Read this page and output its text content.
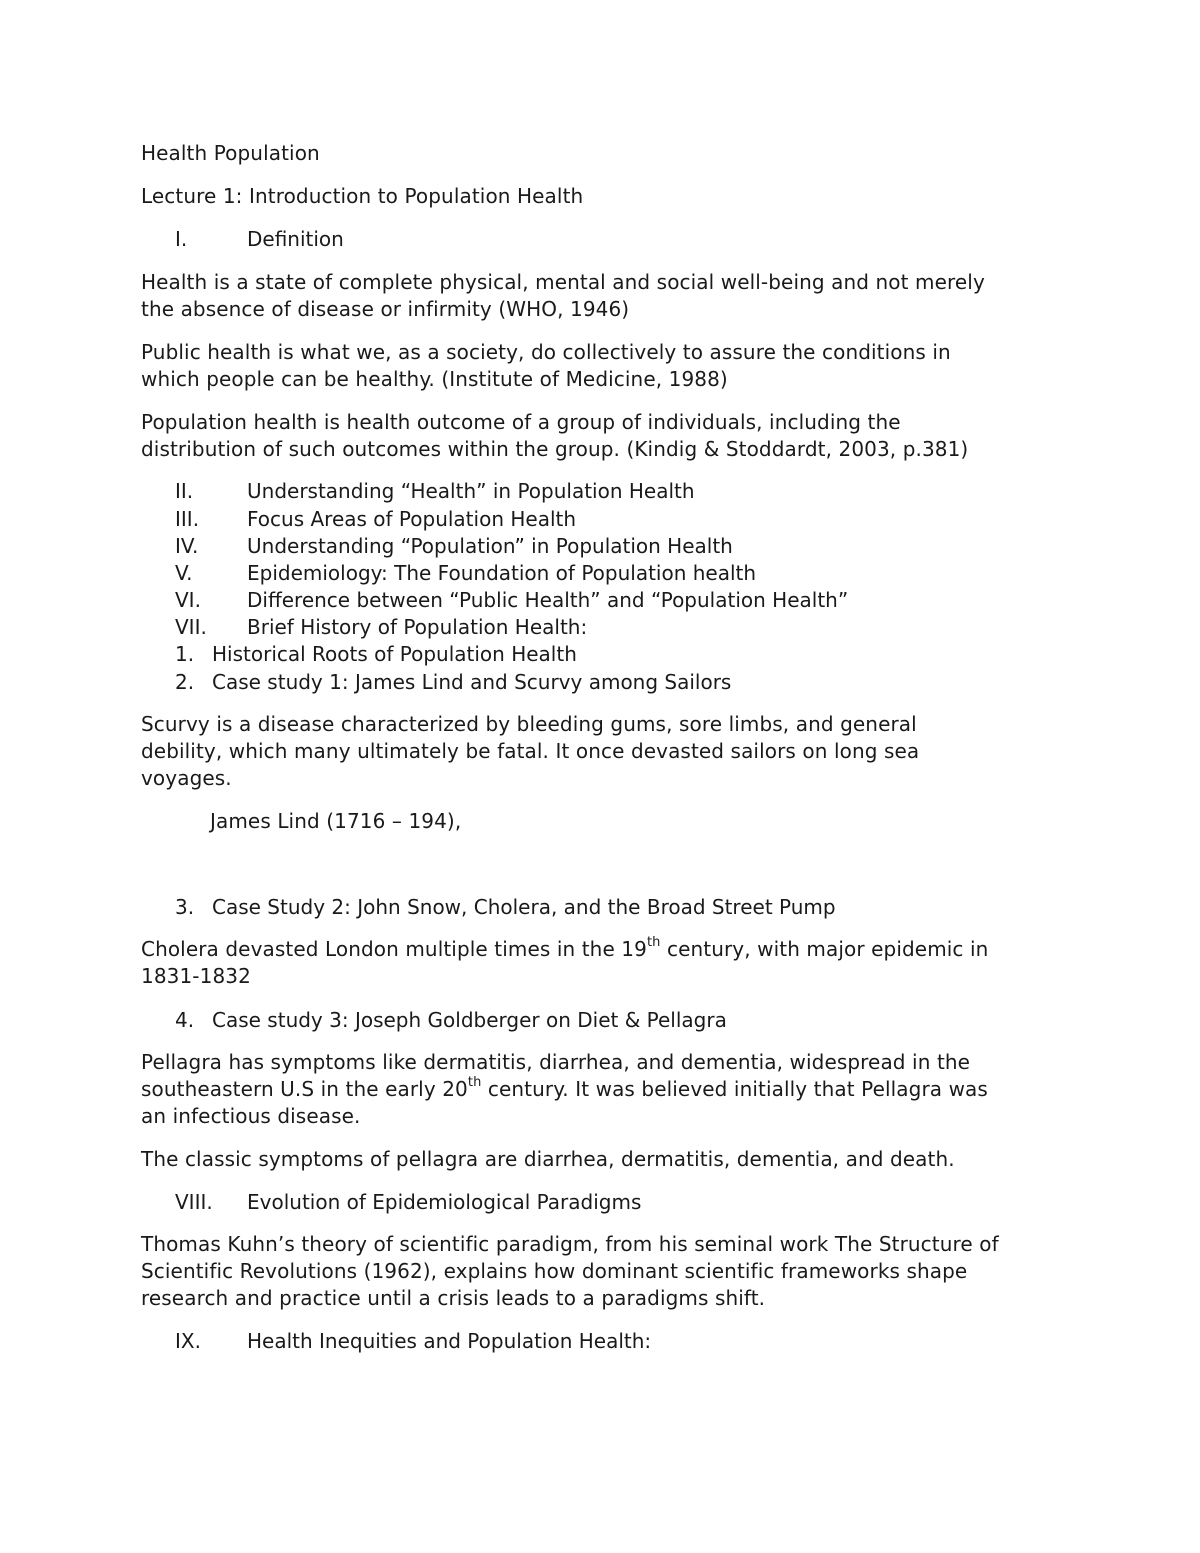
Health Population
Lecture 1: Introduction to Population Health
I.	Definition
Health is a state of complete physical, mental and social well-being and not merely
the absence of disease or infirmity (WHO, 1946)
Public health is what we, as a society, do collectively to assure the conditions in
which people can be healthy. (Institute of Medicine, 1988)
Population health is health outcome of a group of individuals, including the
distribution of such outcomes within the group. (Kindig & Stoddardt, 2003, p.381)
II.	Understanding “Health” in Population Health
III. Focus Areas of Population Health
IV. Understanding “Population” in Population Health
V.	Epidemiology: The Foundation of Population health
VI. Difference between “Public Health” and “Population Health”
VII. Brief History of Population Health:
1. Historical Roots of Population Health
2. Case study 1: James Lind and Scurvy among Sailors
Scurvy is a disease characterized by bleeding gums, sore limbs, and general
debility, which many ultimately be fatal. It once devasted sailors on long sea
voyages.
James Lind (1716 – 194),
3. Case Study 2: John Snow, Cholera, and the Broad Street Pump
Cholera devasted London multiple times in the 19th century, with major epidemic in
1831-1832
4. Case study 3: Joseph Goldberger on Diet & Pellagra
Pellagra has symptoms like dermatitis, diarrhea, and dementia, widespread in the
southeastern U.S in the early 20th century. It was believed initially that Pellagra was
an infectious disease.
The classic symptoms of pellagra are diarrhea, dermatitis, dementia, and death.
VIII. Evolution of Epidemiological Paradigms
Thomas Kuhn’s theory of scientific paradigm, from his seminal work The Structure of
Scientific Revolutions (1962), explains how dominant scientific frameworks shape
research and practice until a crisis leads to a paradigms shift.
IX. Health Inequities and Population Health:
